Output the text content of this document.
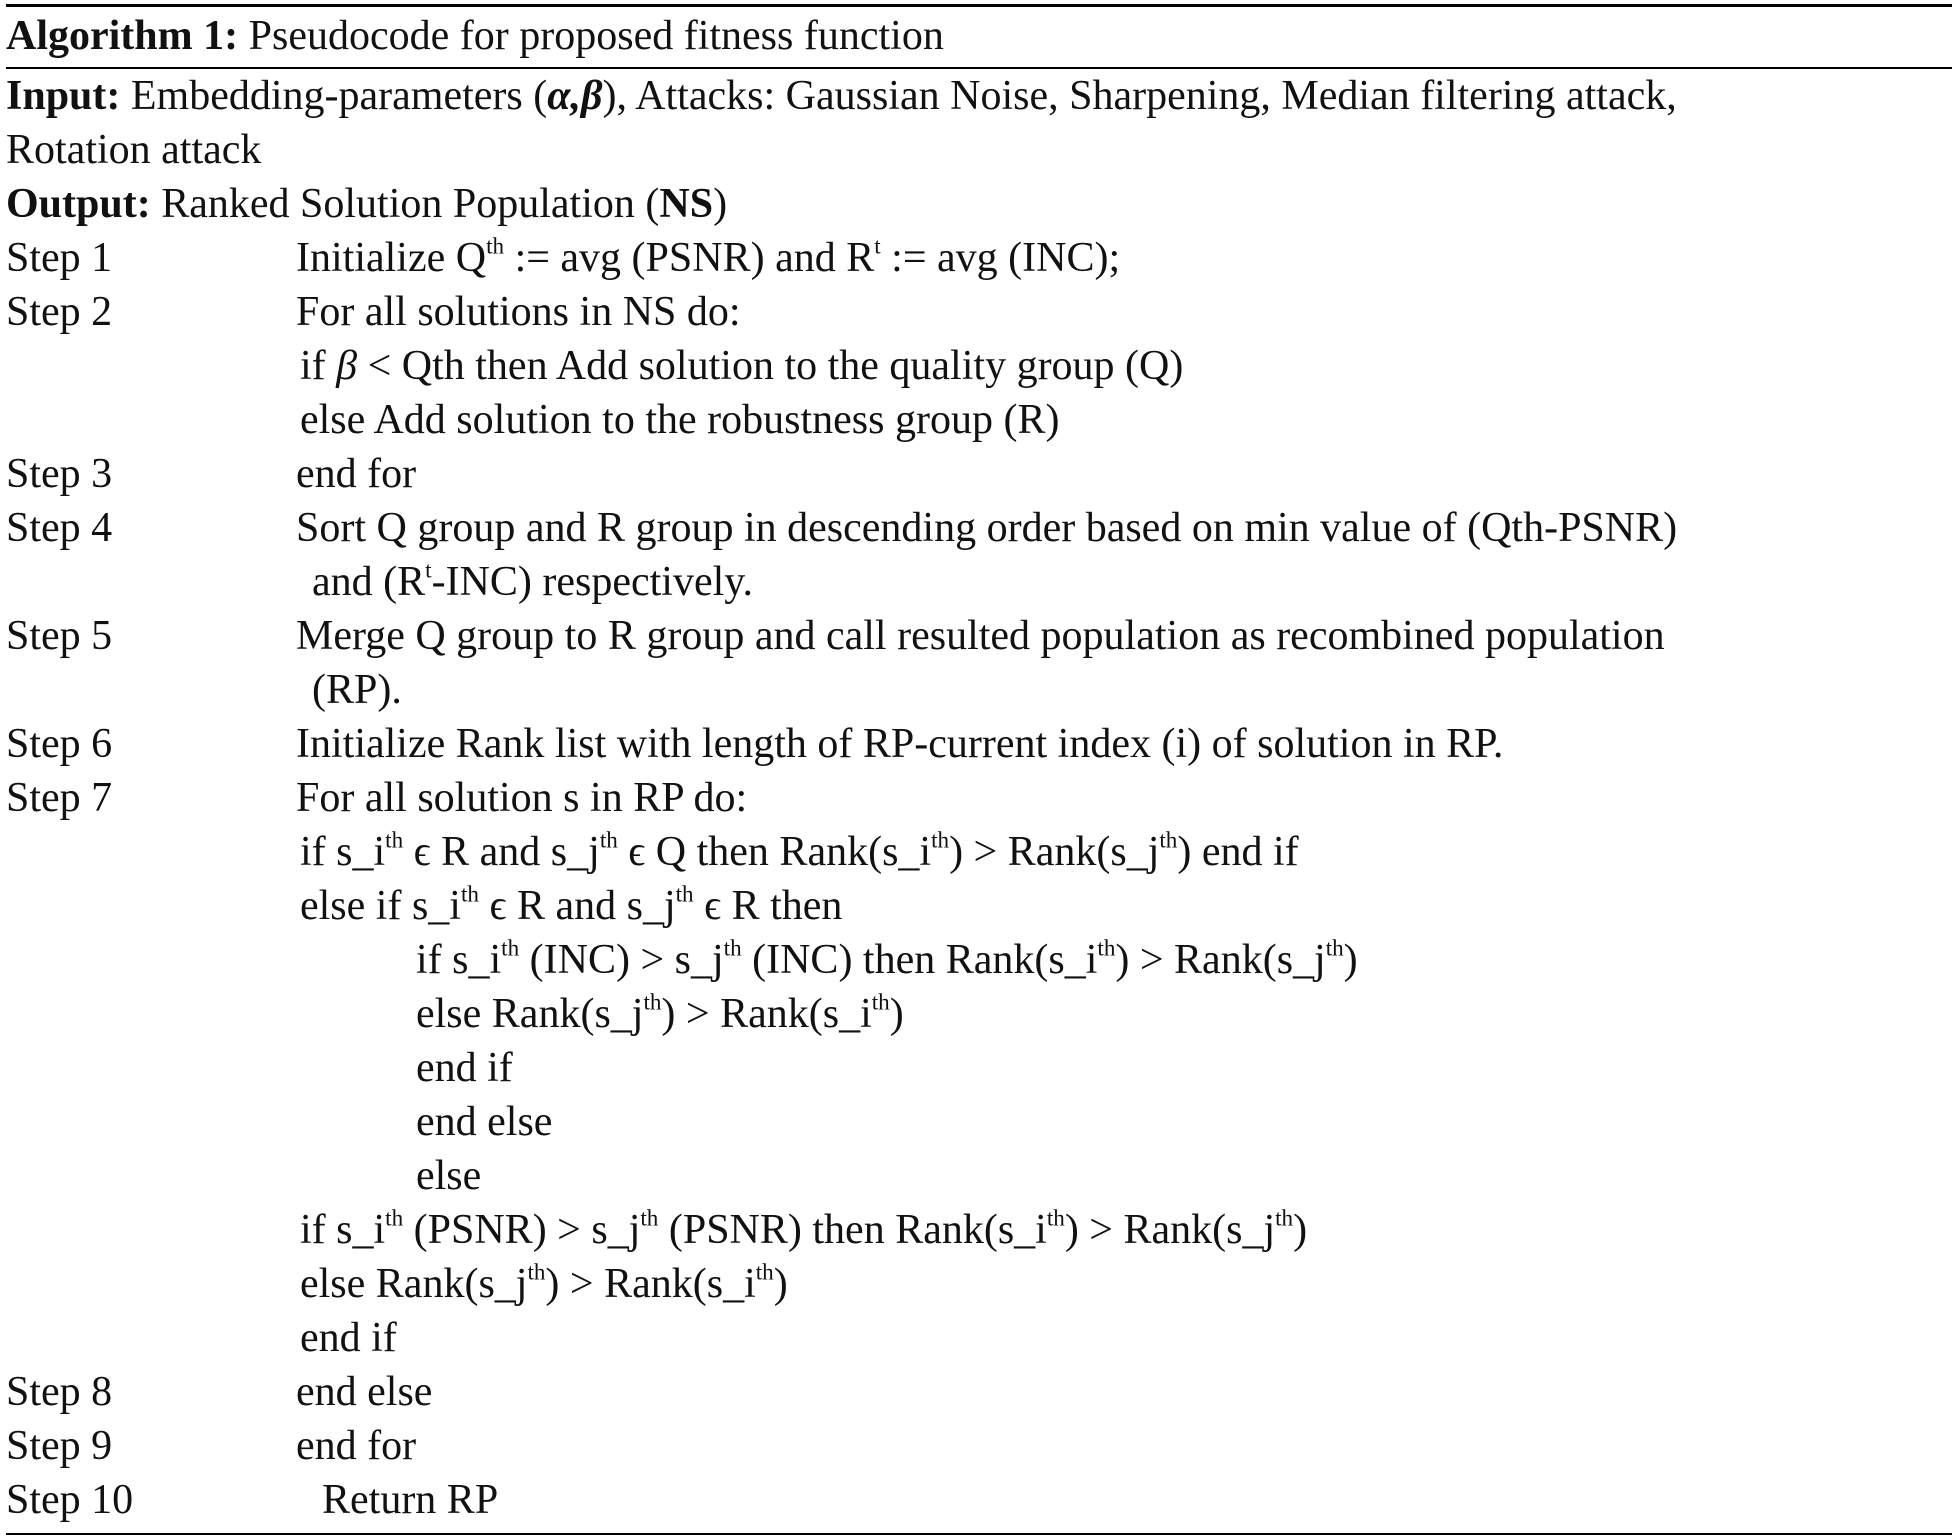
Algorithm 1: Pseudocode for proposed fitness function
Input: Embedding-parameters (α,β), Attacks: Gaussian Noise, Sharpening, Median filtering attack,
Rotation attack
Output: Ranked Solution Population (NS)
Step 1	Initialize $Q^{th}$ := avg (PSNR) and $R^t$ := avg (INC);
Step 2	For all solutions in NS do:
if β < Qth then Add solution to the quality group (Q)
else Add solution to the robustness group (R)
Step 3	end for
Step 4	Sort Q group and R group in descending order based on min value of (Qth-PSNR)
and $(R^t-INC)$ respectively.
Step 5	Merge Q group to R group and call resulted population as recombined population
(RP).
Step 6	Initialize Rank list with length of RP-current index (i) of solution in RP.
Step 7	For all solution s in RP do:
if $s\_i^{th}$ ϵ R and $s\_j^{th}$ ϵ Q then $Rank(s\_i^{th})$ > $Rank(s\_j^{th})$ end if
else if $s\_i^{th}$ ϵ R and $s\_j^{th}$ ϵ R then
if $s\_i^{th}$ $(INC) > s\_j^{th}$ (INC) then $Rank(s\_i^{th})$ > $Rank(s\_j^{th})$
else $Rank(s\_j^{th})$ > $Rank(s\_i^{th})$
end if
end else
else
if $s\_i^{th}$ (PSNR) > $s\_j^{th}$ (PSNR) then $Rank(s\_i^{th})$ > $Rank(s\_j^{th})$
else $Rank(s\_j^{th})$ > $Rank(s\_i^{th})$
end if
Step 8	end else
Step 9	end for
Step 10	Return RP
